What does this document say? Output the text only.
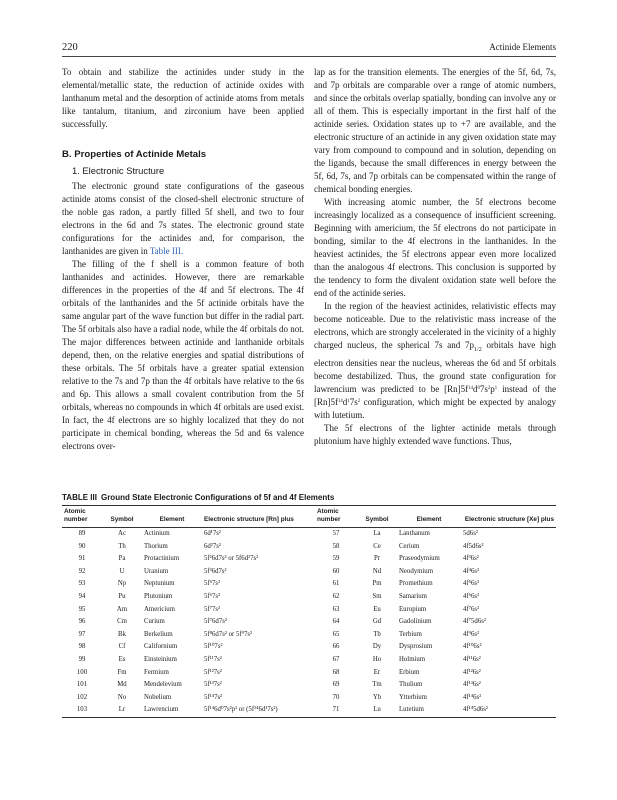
220	Actinide Elements

To obtain and stabilize the actinides under study in the elemental/metallic state, the reduction of actinide oxides with lanthanum metal and the desorption of actinide atoms from metals like tantalum, titanium, and zirconium have been applied successfully.

B. Properties of Actinide Metals

1. Electronic Structure

The electronic ground state configurations of the gaseous actinide atoms consist of the closed-shell electronic structure of the noble gas radon, a partly filled 5f shell, and two to four electrons in the 6d and 7s states. The electronic ground state configurations for the actinides and, for comparison, the lanthanides are given in Table III.

The filling of the f shell is a common feature of both lanthanides and actinides. However, there are remarkable differences in the properties of the 4f and 5f electrons. The 4f orbitals of the lanthanides and the 5f actinide orbitals have the same angular part of the wave function but differ in the radial part. The 5f orbitals also have a radial node, while the 4f orbitals do not. The major differences between actinide and lanthanide orbitals depend, then, on the relative energies and spatial distributions of these orbitals. The 5f orbitals have a greater spatial extension relative to the 7s and 7p than the 4f orbitals have relative to the 6s and 6p. This allows a small covalent contribution from the 5f orbitals, whereas no compounds in which 4f orbitals are used exist. In fact, the 4f electrons are so highly localized that they do not participate in chemical bonding, whereas the 5d and 6s valence electrons over-

lap as for the transition elements. The energies of the 5f, 6d, 7s, and 7p orbitals are comparable over a range of atomic numbers, and since the orbitals overlap spatially, bonding can involve any or all of them. This is especially important in the first half of the actinide series. Oxidation states up to +7 are available, and the electronic structure of an actinide in any given oxidation state may vary from compound to compound and in solution, depending on the ligands, because the small differences in energy between the 5f, 6d, 7s, and 7p orbitals can be compensated within the range of chemical bonding energies.

With increasing atomic number, the 5f electrons become increasingly localized as a consequence of insufficient screening. Beginning with americium, the 5f electrons do not participate in bonding, similar to the 4f electrons in the lanthanides. In the heaviest actinides, the 5f electrons appear even more localized than the analogous 4f electrons. This conclusion is supported by the tendency to form the divalent oxidation state well before the end of the actinide series.

In the region of the heaviest actinides, relativistic effects may become noticeable. Due to the relativistic mass increase of the electrons, which are strongly accelerated in the vicinity of a highly charged nucleus, the spherical 7s and $7p_{1/2}$ orbitals have high electron densities near the nucleus, whereas the 6d and 5f orbitals become destabilized. Thus, the ground state configuration for lawrencium was predicted to be $[Rn]5f^{14}d^07s^2p^1$ instead of the $[Rn]5f^{14}d^17s^2$ configuration, which might be expected by analogy with lutetium.

The 5f electrons of the lighter actinide metals through plutonium have highly extended wave functions. Thus,

TABLE III Ground State Electronic Configurations of 5f and 4f Elements
Atomic number	Symbol	Element	Electronic structure [Rn] plus	Atomic number	Symbol	Element	Electronic structure [Xe] plus
89	Ac	Actinium	6d¹7s²	57	La	Lanthanum	5d6s²
90	Th	Thorium	6d²7s²	58	Ce	Cerium	4f5d6s²
91	Pa	Protactinium	5f²6d7s² or 5f6d²7s²	59	Pr	Praseodymium	4f³6s²
92	U	Uranium	5f³6d7s²	60	Nd	Neodymium	4f⁴6s²
93	Np	Neptunium	5f⁵7s²	61	Pm	Promethium	4f⁵6s²
94	Pu	Plutonium	5f⁶7s²	62	Sm	Samarium	4f⁶6s²
95	Am	Americium	5f⁷7s²	63	Eu	Europium	4f⁷6s²
96	Cm	Curium	5f⁷6d7s²	64	Gd	Gadolinium	4f⁷5d6s²
97	Bk	Berkelium	5f⁸6d7s² or 5f⁹7s²	65	Tb	Terbium	4f⁹6s²
98	Cf	Californium	5f¹⁰7s²	66	Dy	Dysprosium	4f¹⁰6s²
99	Es	Einsteinium	5f¹¹7s²	67	Ho	Holmium	4f¹¹6s²
100	Fm	Fermium	5f¹²7s²	68	Er	Erbium	4f¹²6s²
101	Md	Mendelevium	5f¹³7s²	69	Tm	Thulium	4f¹³6s²
102	No	Nobelium	5f¹⁴7s²	70	Yb	Ytterbium	4f¹⁴6s²
103	Lr	Lawrencium	5f¹⁴6d⁰7s²p¹ or (5f¹⁴6d¹7s²)	71	Lu	Lutetium	4f¹⁴5d6s²
